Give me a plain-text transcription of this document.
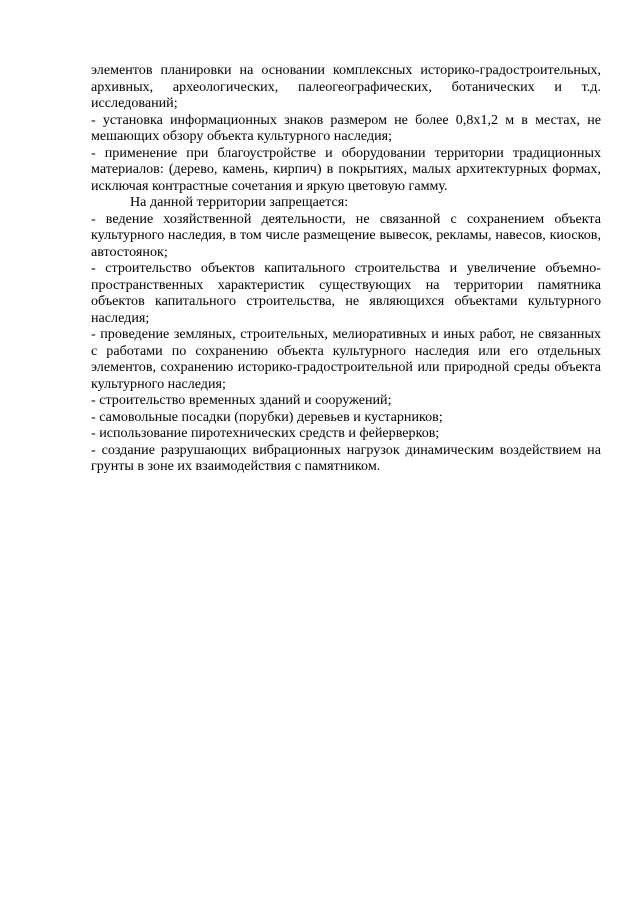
элементов планировки на основании комплексных историко-градостроительных, архивных, археологических, палеогеографических, ботанических и т.д. исследований;

- установка информационных знаков размером не более 0,8х1,2 м в местах, не мешающих обзору объекта культурного наследия;

- применение при благоустройстве и оборудовании территории традиционных материалов: (дерево, камень, кирпич) в покрытиях, малых архитектурных формах, исключая контрастные сочетания и яркую цветовую гамму.

На данной территории запрещается:

- ведение хозяйственной деятельности, не связанной с сохранением объекта культурного наследия, в том числе размещение вывесок, рекламы, навесов, киосков, автостоянок;

- строительство объектов капитального строительства и увеличение объемно-пространственных характеристик существующих на территории памятника объектов капитального строительства, не являющихся объектами культурного наследия;

- проведение земляных, строительных, мелиоративных и иных работ, не связанных с работами по сохранению объекта культурного наследия или его отдельных элементов, сохранению историко-градостроительной или природной среды объекта культурного наследия;

- строительство временных зданий и сооружений;

- самовольные посадки (порубки) деревьев и кустарников;

- использование пиротехнических средств и фейерверков;

- создание разрушающих вибрационных нагрузок динамическим воздействием на грунты в зоне их взаимодействия с памятником.
